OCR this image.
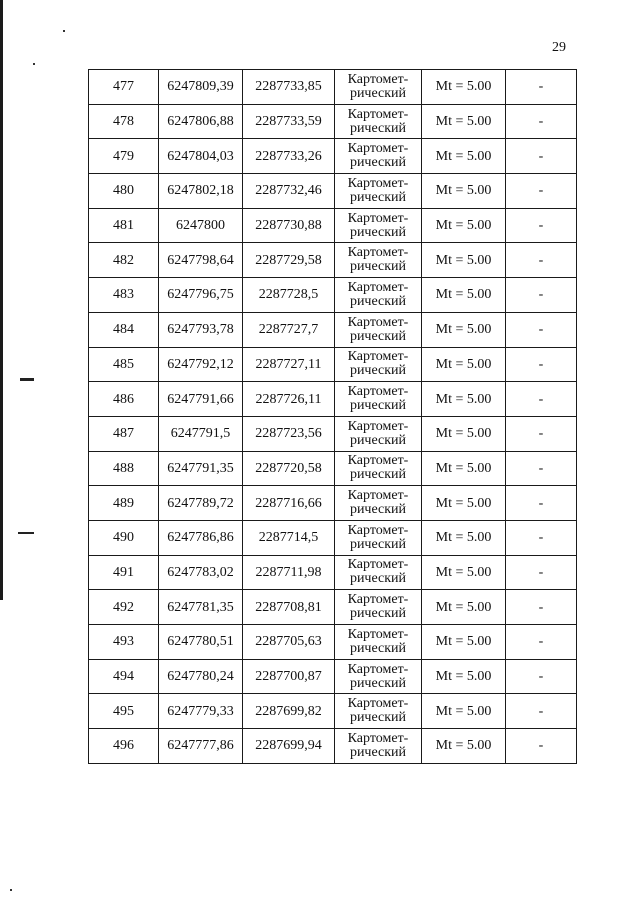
29
477	6247809,39	2287733,85	Картомет-
рический	Mt = 5.00	-
478	6247806,88	2287733,59	Картомет-
рический	Mt = 5.00	-
479	6247804,03	2287733,26	Картомет-
рический	Mt = 5.00	-
480	6247802,18	2287732,46	Картомет-
рический	Mt = 5.00	-
481	6247800	2287730,88	Картомет-
рический	Mt = 5.00	-
482	6247798,64	2287729,58	Картомет-
рический	Mt = 5.00	-
483	6247796,75	2287728,5	Картомет-
рический	Mt = 5.00	-
484	6247793,78	2287727,7	Картомет-
рический	Mt = 5.00	-
485	6247792,12	2287727,11	Картомет-
рический	Mt = 5.00	-
486	6247791,66	2287726,11	Картомет-
рический	Mt = 5.00	-
487	6247791,5	2287723,56	Картомет-
рический	Mt = 5.00	-
488	6247791,35	2287720,58	Картомет-
рический	Mt = 5.00	-
489	6247789,72	2287716,66	Картомет-
рический	Mt = 5.00	-
490	6247786,86	2287714,5	Картомет-
рический	Mt = 5.00	-
491	6247783,02	2287711,98	Картомет-
рический	Mt = 5.00	-
492	6247781,35	2287708,81	Картомет-
рический	Mt = 5.00	-
493	6247780,51	2287705,63	Картомет-
рический	Mt = 5.00	-
494	6247780,24	2287700,87	Картомет-
рический	Mt = 5.00	-
495	6247779,33	2287699,82	Картомет-
рический	Mt = 5.00	-
496	6247777,86	2287699,94	Картомет-
рический	Mt = 5.00	-
